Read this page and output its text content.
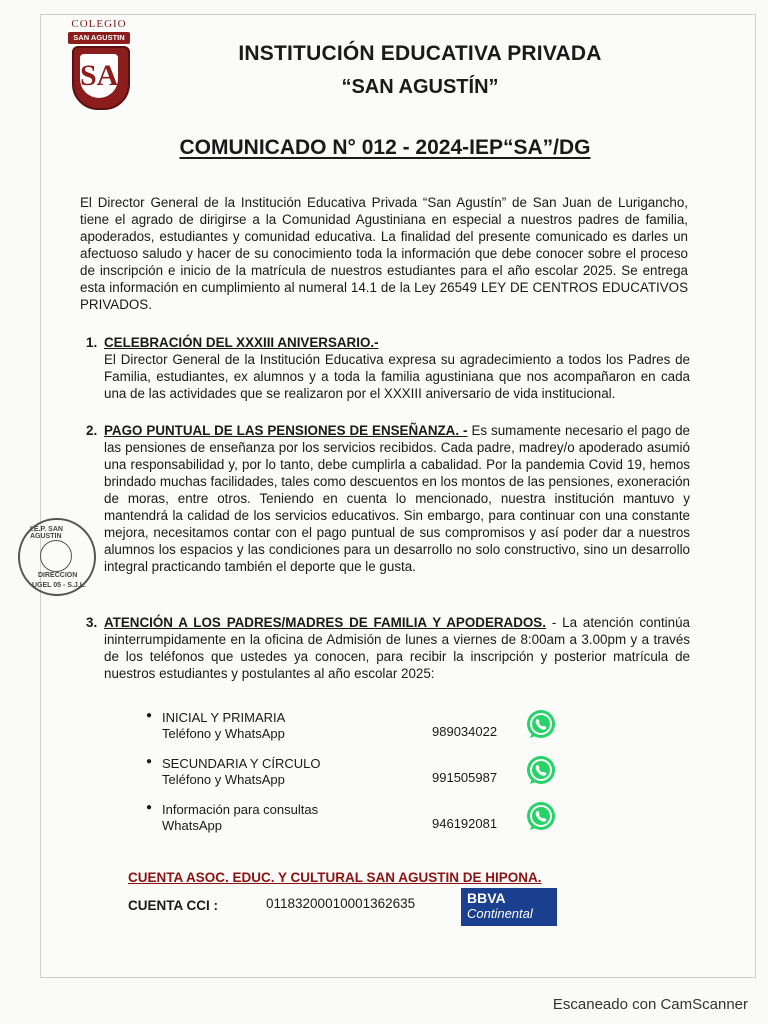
COLEGIO
SAN AGUSTIN
SA
INSTITUCIÓN EDUCATIVA PRIVADA
“SAN AGUSTÍN”
COMUNICADO N° 012 - 2024-IEP“SA”/DG
El Director General de la Institución Educativa Privada “San Agustín” de San Juan de Lurigancho, tiene el agrado de dirigirse a la Comunidad Agustiniana en especial a nuestros padres de familia, apoderados, estudiantes y comunidad educativa. La finalidad del presente comunicado es darles un afectuoso saludo y hacer de su conocimiento toda la información que debe conocer sobre el proceso de inscripción e inicio de la matrícula de nuestros estudiantes para el año escolar 2025. Se entrega esta información en cumplimiento al numeral 14.1 de la Ley 26549 LEY DE CENTROS EDUCATIVOS PRIVADOS.
1. CELEBRACIÓN DEL XXXIII ANIVERSARIO.-
El Director General de la Institución Educativa expresa su agradecimiento a todos los Padres de Familia, estudiantes, ex alumnos y a toda la familia agustiniana que nos acompañaron en cada una de las actividades que se realizaron por el XXXIII aniversario de vida institucional.
2. PAGO PUNTUAL DE LAS PENSIONES DE ENSEÑANZA. - Es sumamente necesario el pago de las pensiones de enseñanza por los servicios recibidos. Cada padre, madrey/o apoderado asumió una responsabilidad y, por lo tanto, debe cumplirla a cabalidad. Por la pandemia Covid 19, hemos brindado muchas facilidades, tales como descuentos en los montos de las pensiones, exoneración de moras, entre otros. Teniendo en cuenta lo mencionado, nuestra institución mantuvo y mantendrá la calidad de los servicios educativos. Sin embargo, para continuar con una constante mejora, necesitamos contar con el pago puntual de sus compromisos y así poder dar a nuestros alumnos los espacios y las condiciones para un desarrollo no solo constructivo, sino un desarrollo integral practicando también el deporte que le gusta.
I.E.P. SAN AGUSTIN
DIRECCION
UGEL 05 - S.J.L.
3. ATENCIÓN A LOS PADRES/MADRES DE FAMILIA Y APODERADOS. - La atención continúa ininterrumpidamente en la oficina de Admisión de lunes a viernes de 8:00am a 3.00pm y a través de los teléfonos que ustedes ya conocen, para recibir la inscripción y posterior matrícula de nuestros estudiantes y postulantes al año escolar 2025:
● INICIAL Y PRIMARIA
Teléfono y WhatsApp	989034022
● SECUNDARIA Y CÍRCULO
Teléfono y WhatsApp	991505987
● Información para consultas
WhatsApp	946192081
CUENTA ASOC. EDUC. Y CULTURAL SAN AGUSTIN DE HIPONA.
CUENTA CCI :	01183200010001362635	BBVA
Continental
Escaneado con CamScanner
